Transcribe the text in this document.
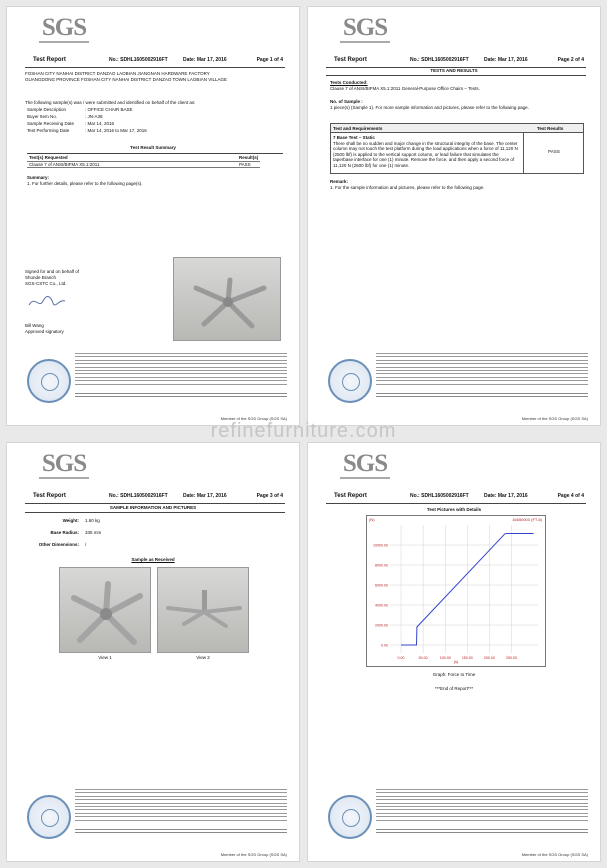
SGS
Test Report	No.: SDHL1605002916FT	Date: Mar 17, 2016	Page 1 of 4
FOSHAN CITY NANHAI DISTRICT DANZAO LAOBIAN JIANGNAN HARDWARE FACTORY
GUANGDONG PROVINCE FOSHAN CITY NANHAI DISTRICT DANZAO TOWN LAOBIAN VILLAGE
The following sample(s) was / were submitted and identified on behalf of the client as:
Sample Description	: OFFICE CHAIR BASE
Buyer Item No.	: JN-A38
Sample Receiving Date : Mar 14, 2016
Test Performing Date	: Mar 14, 2016 to Mar 17, 2016
Test Result Summary
Test(s) Requested	Result(s)
Clause 7 of ANSI/BIFMA X5.1:2011	PASS
Summary:
1. For further details, please refer to the following page(s).
Signed for and on behalf of
Shunde Branch
SGS-CSTC Co., Ltd.
Bill Wang
Approved signatory
Member of the SGS Group (SGS SA)
SGS
Test Report	No.: SDHL1605002916FT	Date: Mar 17, 2016	Page 2 of 4
TESTS AND RESULTS
Tests Conducted:
Clause 7 of ANSI/BIFMA X5.1:2011 General-Purpose Office Chairs – Tests.
No. of Sample :
1 piece(s) (Sample 1). For more sample information and pictures, please refer to the following page.
Test and Requirements	Test Results
7 Base Test – Static
There shall be no sudden and major change in the structural integrity of the base. The center column may not touch the test platform during the load applications when a force of 11,120 N (2500 lbf) is applied to the vertical support column, or lead failure that simulates the taperbase interface for one (1) minute. Remove the force, and then apply a second force of 11,120 N (2500 lbf) for one (1) minute.
PASS
Remark:
1. For the sample information and pictures, please refer to the following page.
Member of the SGS Group (SGS SA)
refinefurniture.com
SGS
Test Report	No.: SDHL1605002916FT	Date: Mar 17, 2016	Page 3 of 4
SAMPLE INFORMATION AND PICTURES
Weight: 1.60 kg
Base Radius: 335 mm
Other Dimensions: /
Sample as Received
View 1	View 2
Member of the SGS Group (SGS SA)
SGS
Test Report	No.: SDHL1605002916FT	Date: Mar 17, 2016	Page 4 of 4
Test Pictures with Details
10000.00
8000.00
6000.00
4000.00
2000.00
0.00
0.00	50.00	100.00	150.00	200.00	250.00
(N)	16650003 (FT-6)
(s)
Graph: Force to Time
***End of Report***
Member of the SGS Group (SGS SA)
